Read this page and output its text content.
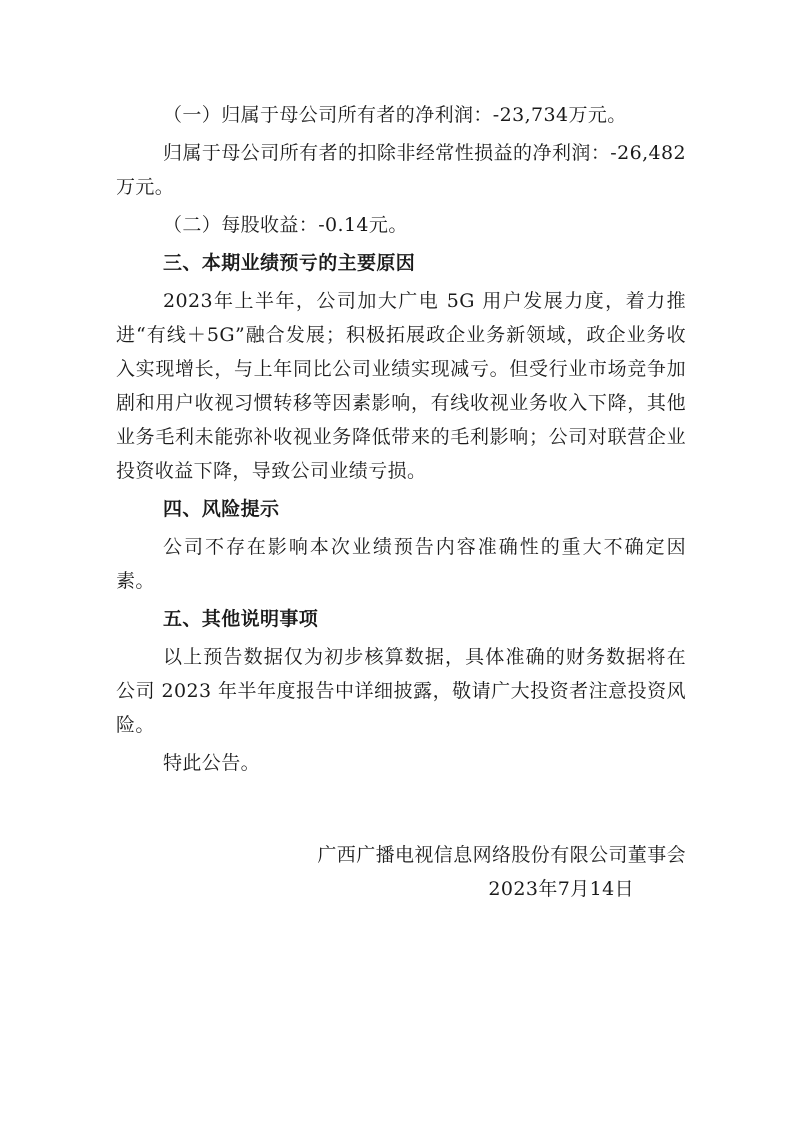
（一）归属于母公司所有者的净利润：-23,734万元。

归属于母公司所有者的扣除非经常性损益的净利润：-26,482万元。

（二）每股收益：-0.14元。

三、本期业绩预亏的主要原因

2023年上半年，公司加大广电 5G 用户发展力度，着力推进“有线＋5G”融合发展；积极拓展政企业务新领域，政企业务收入实现增长，与上年同比公司业绩实现减亏。但受行业市场竞争加剧和用户收视习惯转移等因素影响，有线收视业务收入下降，其他业务毛利未能弥补收视业务降低带来的毛利影响；公司对联营企业投资收益下降，导致公司业绩亏损。

四、风险提示

公司不存在影响本次业绩预告内容准确性的重大不确定因素。

五、其他说明事项

以上预告数据仅为初步核算数据，具体准确的财务数据将在公司 2023 年半年度报告中详细披露，敬请广大投资者注意投资风险。

特此公告。

广西广播电视信息网络股份有限公司董事会
2023年7月14日
